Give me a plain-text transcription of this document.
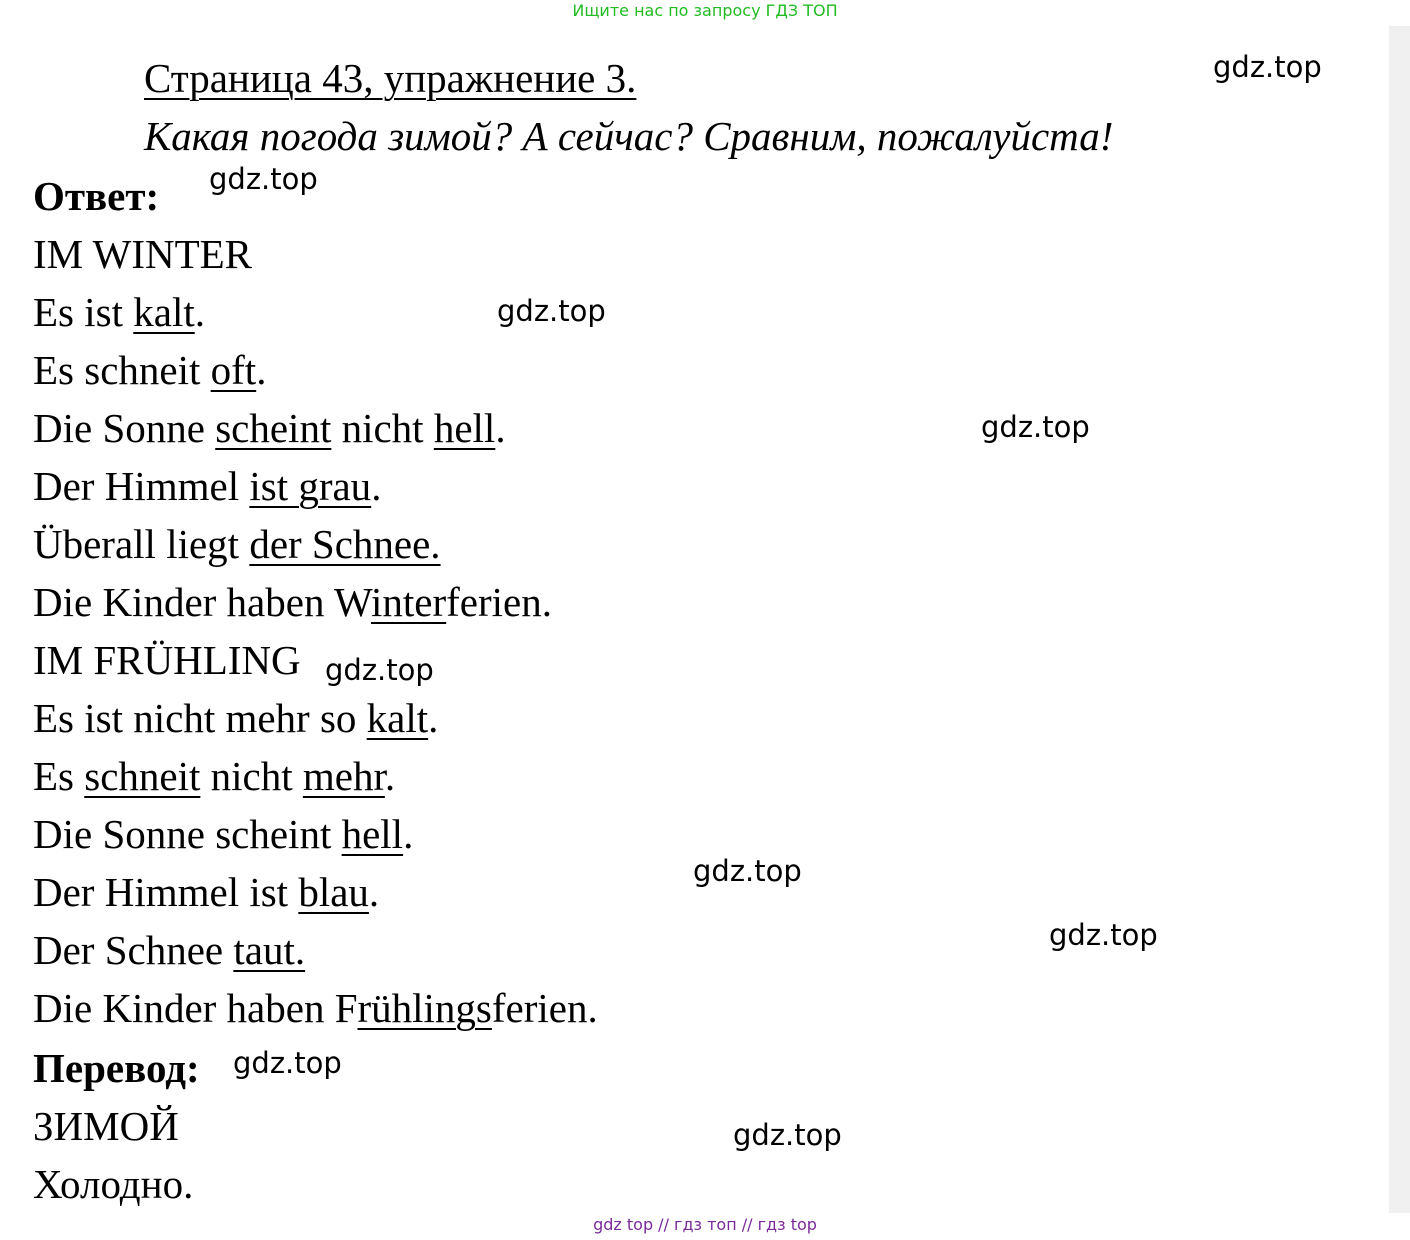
Ищите нас по запросу ГДЗ ТОП
Страница 43, упражнение 3.
Какая погода зимой? А сейчас? Сравним, пожалуйста!
Ответ:
IM WINTER
Es ist kalt.
Es schneit oft.
Die Sonne scheint nicht hell.
Der Himmel ist grau.
Überall liegt der Schnee.
Die Kinder haben Winterferien.
IM FRÜHLING
Es ist nicht mehr so kalt.
Es schneit nicht mehr.
Die Sonne scheint hell.
Der Himmel ist blau.
Der Schnee taut.
Die Kinder haben Frühlingsferien.
Перевод:
ЗИМОЙ
Холодно.
gdz.top
gdz.top
gdz.top
gdz.top
gdz.top
gdz.top
gdz.top
gdz.top
gdz.top
gdz top // гдз топ // гдз top
